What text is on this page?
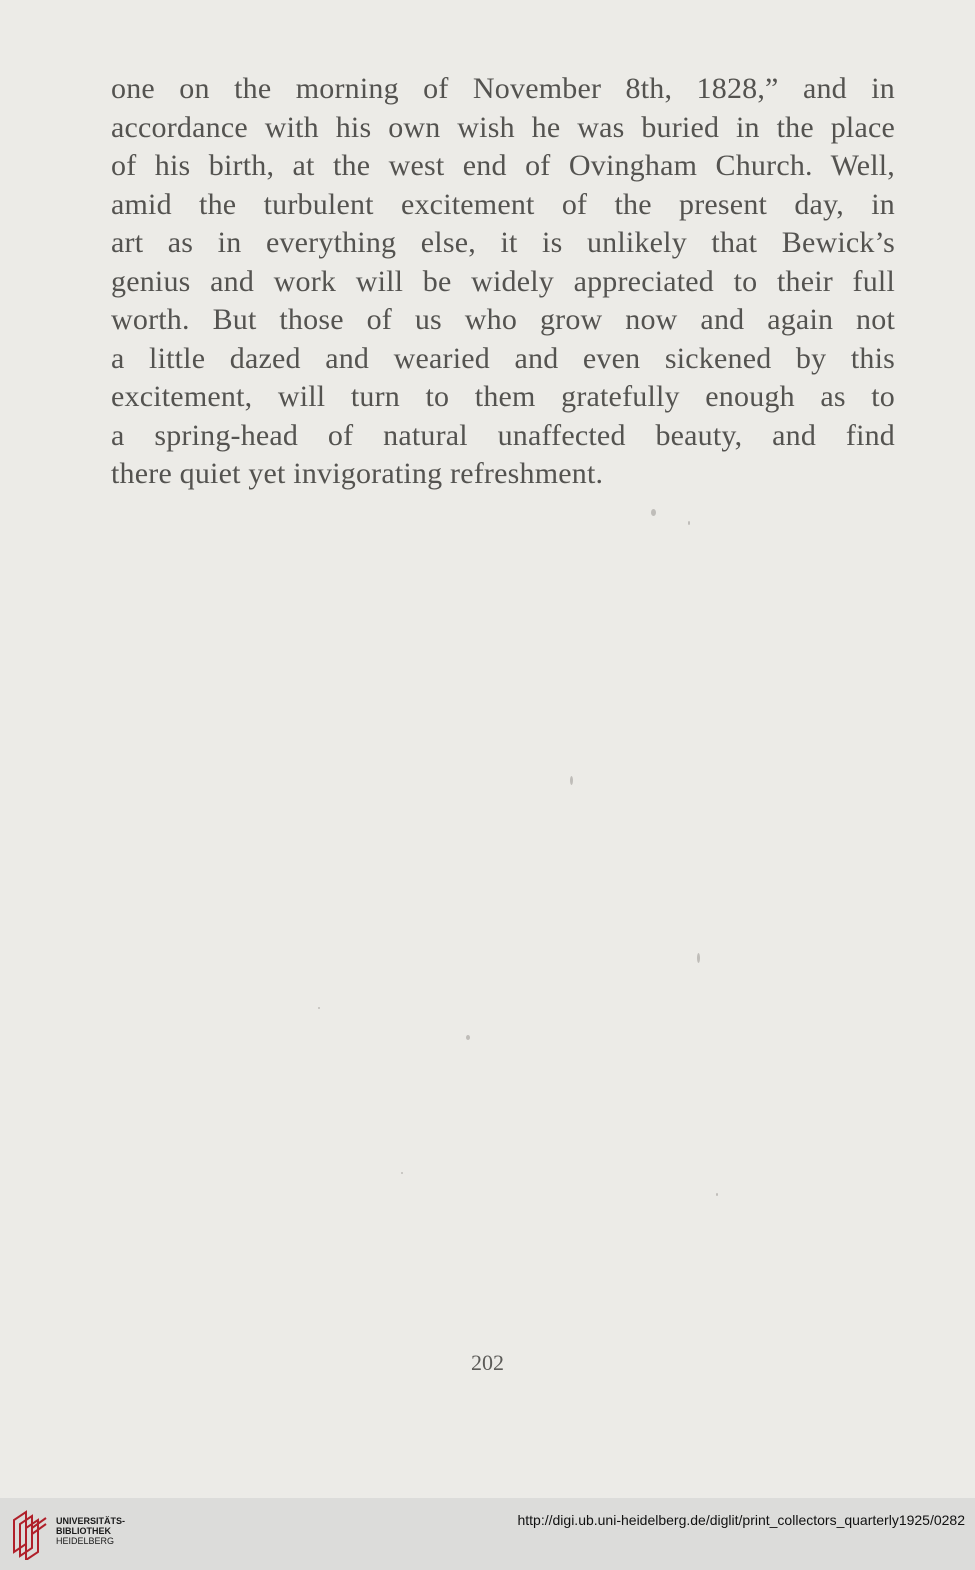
one on the morning of November 8th, 1828,” and in
accordance with his own wish he was buried in the place
of his birth, at the west end of Ovingham Church. Well,
amid the turbulent excitement of the present day, in
art as in everything else, it is unlikely that Bewick’s
genius and work will be widely appreciated to their full
worth. But those of us who grow now and again not
a little dazed and wearied and even sickened by this
excitement, will turn to them gratefully enough as to
a spring-head of natural unaffected beauty, and find
there quiet yet invigorating refreshment.

202

UNIVERSITÄTS-
BIBLIOTHEK
HEIDELBERG
http://digi.ub.uni-heidelberg.de/diglit/print_collectors_quarterly1925/0282
